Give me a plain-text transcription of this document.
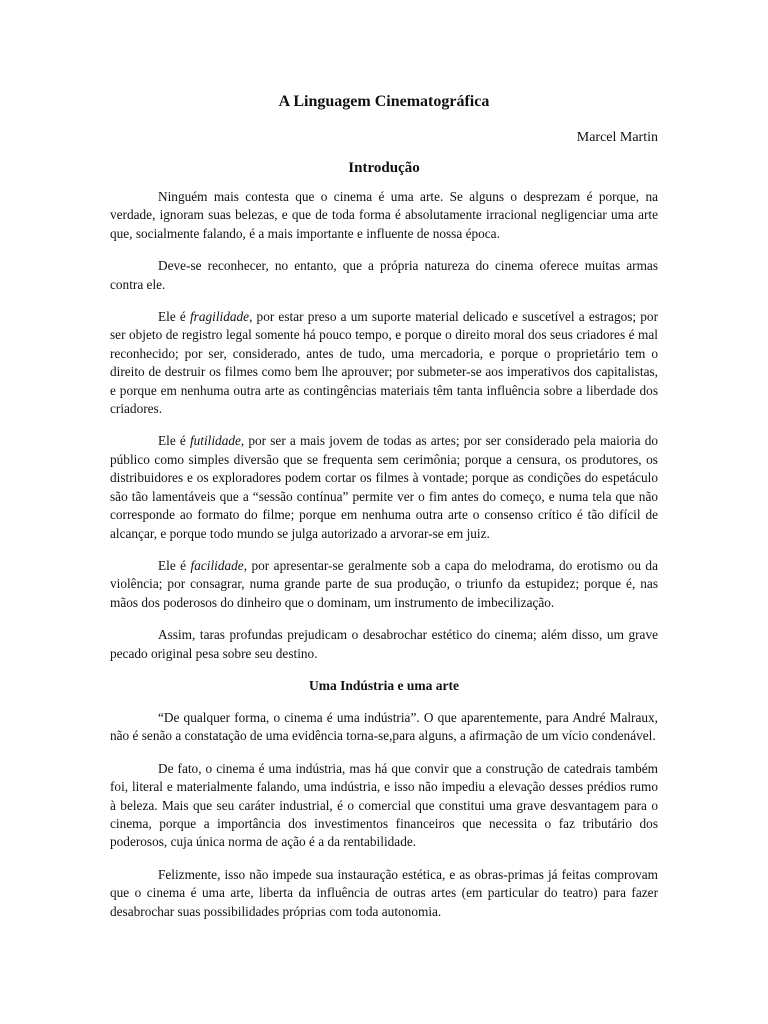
A Linguagem Cinematográfica
Marcel Martin
Introdução

Ninguém mais contesta que o cinema é uma arte. Se alguns o desprezam é porque, na verdade, ignoram suas belezas, e que de toda forma é absolutamente irracional negligenciar uma arte que, socialmente falando, é a mais importante e influente de nossa época.

Deve-se reconhecer, no entanto, que a própria natureza do cinema oferece muitas armas contra ele.

Ele é fragilidade, por estar preso a um suporte material delicado e suscetível a estragos; por ser objeto de registro legal somente há pouco tempo, e porque o direito moral dos seus criadores é mal reconhecido; por ser, considerado, antes de tudo, uma mercadoria, e porque o proprietário tem o direito de destruir os filmes como bem lhe aprouver; por submeter-se aos imperativos dos capitalistas, e porque em nenhuma outra arte as contingências materiais têm tanta influência sobre a liberdade dos criadores.

Ele é futilidade, por ser a mais jovem de todas as artes; por ser considerado pela maioria do público como simples diversão que se frequenta sem cerimônia; porque a censura, os produtores, os distribuidores e os exploradores podem cortar os filmes à vontade; porque as condições do espetáculo são tão lamentáveis que a “sessão contínua” permite ver o fim antes do começo, e numa tela que não corresponde ao formato do filme; porque em nenhuma outra arte o consenso crítico é tão difícil de alcançar, e porque todo mundo se julga autorizado a arvorar-se em juiz.

Ele é facilidade, por apresentar-se geralmente sob a capa do melodrama, do erotismo ou da violência; por consagrar, numa grande parte de sua produção, o triunfo da estupidez; porque é, nas mãos dos poderosos do dinheiro que o dominam, um instrumento de imbecilização.

Assim, taras profundas prejudicam o desabrochar estético do cinema; além disso, um grave pecado original pesa sobre seu destino.

Uma Indústria e uma arte

“De qualquer forma, o cinema é uma indústria”. O que aparentemente, para André Malraux, não é senão a constatação de uma evidência torna-se,para alguns, a afirmação de um vício condenável.

De fato, o cinema é uma indústria, mas há que convir que a construção de catedrais também foi, literal e materialmente falando, uma indústria, e isso não impediu a elevação desses prédios rumo à beleza. Mais que seu caráter industrial, é o comercial que constitui uma grave desvantagem para o cinema, porque a importância dos investimentos financeiros que necessita o faz tributário dos poderosos, cuja única norma de ação é a da rentabilidade.

Felizmente, isso não impede sua instauração estética, e as obras-primas já feitas comprovam que o cinema é uma arte, liberta da influência de outras artes (em particular do teatro) para fazer desabrochar suas possibilidades próprias com toda autonomia.
